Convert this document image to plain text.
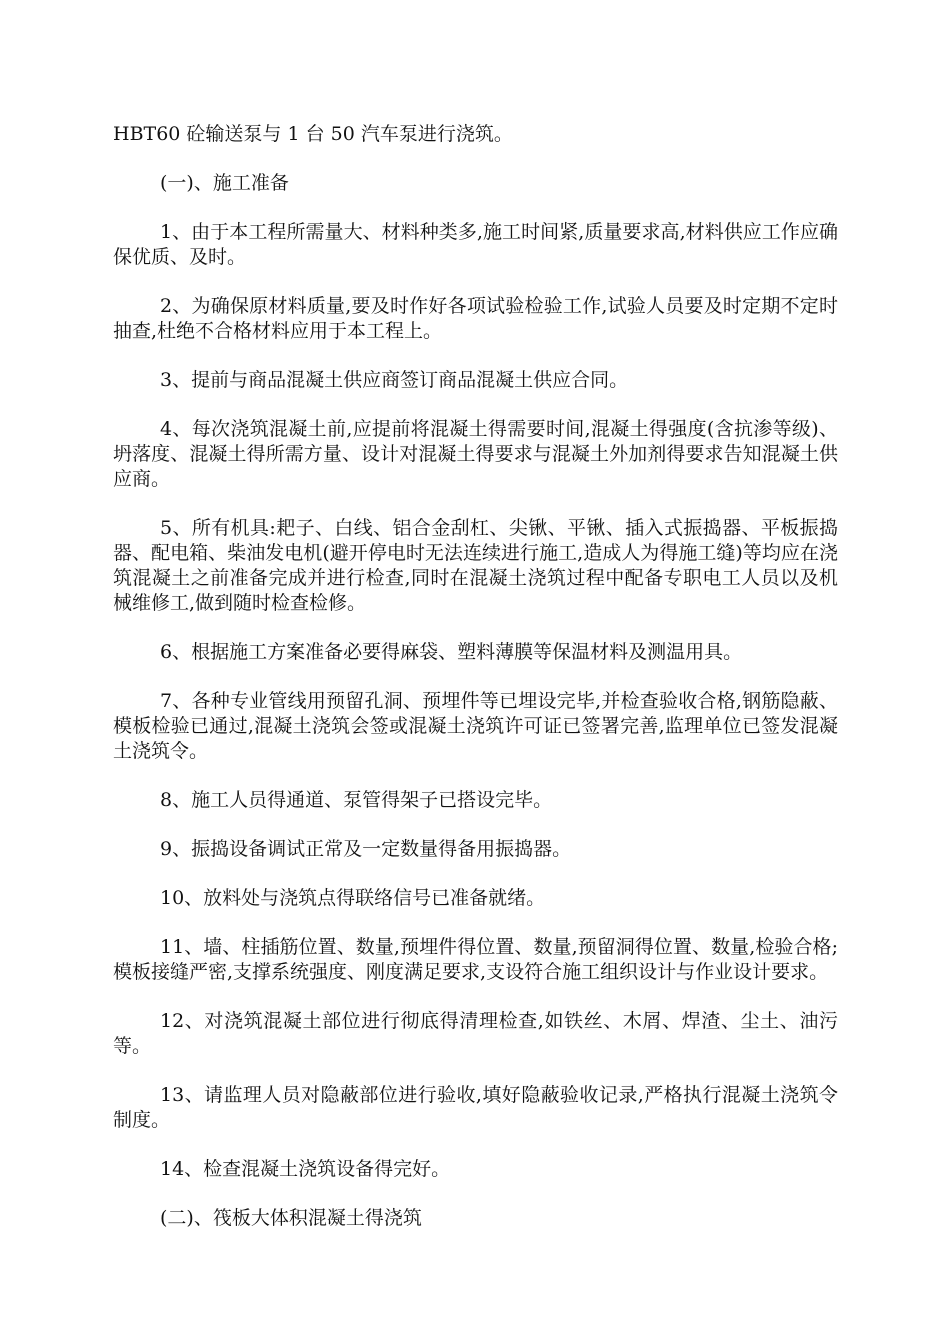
HBT60 砼输送泵与 1 台 50 汽车泵进行浇筑。

(一)、施工准备

1、由于本工程所需量大、材料种类多,施工时间紧,质量要求高,材料供应工作应确保优质、及时。

2、为确保原材料质量,要及时作好各项试验检验工作,试验人员要及时定期不定时抽查,杜绝不合格材料应用于本工程上。

3、提前与商品混凝土供应商签订商品混凝土供应合同。

4、每次浇筑混凝土前,应提前将混凝土得需要时间,混凝土得强度(含抗渗等级)、坍落度、混凝土得所需方量、设计对混凝土得要求与混凝土外加剂得要求告知混凝土供应商。

5、所有机具:耙子、白线、铝合金刮杠、尖锹、平锹、插入式振捣器、平板振捣器、配电箱、柴油发电机(避开停电时无法连续进行施工,造成人为得施工缝)等均应在浇筑混凝土之前准备完成并进行检查,同时在混凝土浇筑过程中配备专职电工人员以及机械维修工,做到随时检查检修。

6、根据施工方案准备必要得麻袋、塑料薄膜等保温材料及测温用具。

7、各种专业管线用预留孔洞、预埋件等已埋设完毕,并检查验收合格,钢筋隐蔽、模板检验已通过,混凝土浇筑会签或混凝土浇筑许可证已签署完善,监理单位已签发混凝土浇筑令。

8、施工人员得通道、泵管得架子已搭设完毕。

9、振捣设备调试正常及一定数量得备用振捣器。

10、放料处与浇筑点得联络信号已准备就绪。

11、墙、柱插筋位置、数量,预埋件得位置、数量,预留洞得位置、数量,检验合格;模板接缝严密,支撑系统强度、刚度满足要求,支设符合施工组织设计与作业设计要求。

12、对浇筑混凝土部位进行彻底得清理检查,如铁丝、木屑、焊渣、尘土、油污等。

13、请监理人员对隐蔽部位进行验收,填好隐蔽验收记录,严格执行混凝土浇筑令制度。

14、检查混凝土浇筑设备得完好。

(二)、筏板大体积混凝土得浇筑
